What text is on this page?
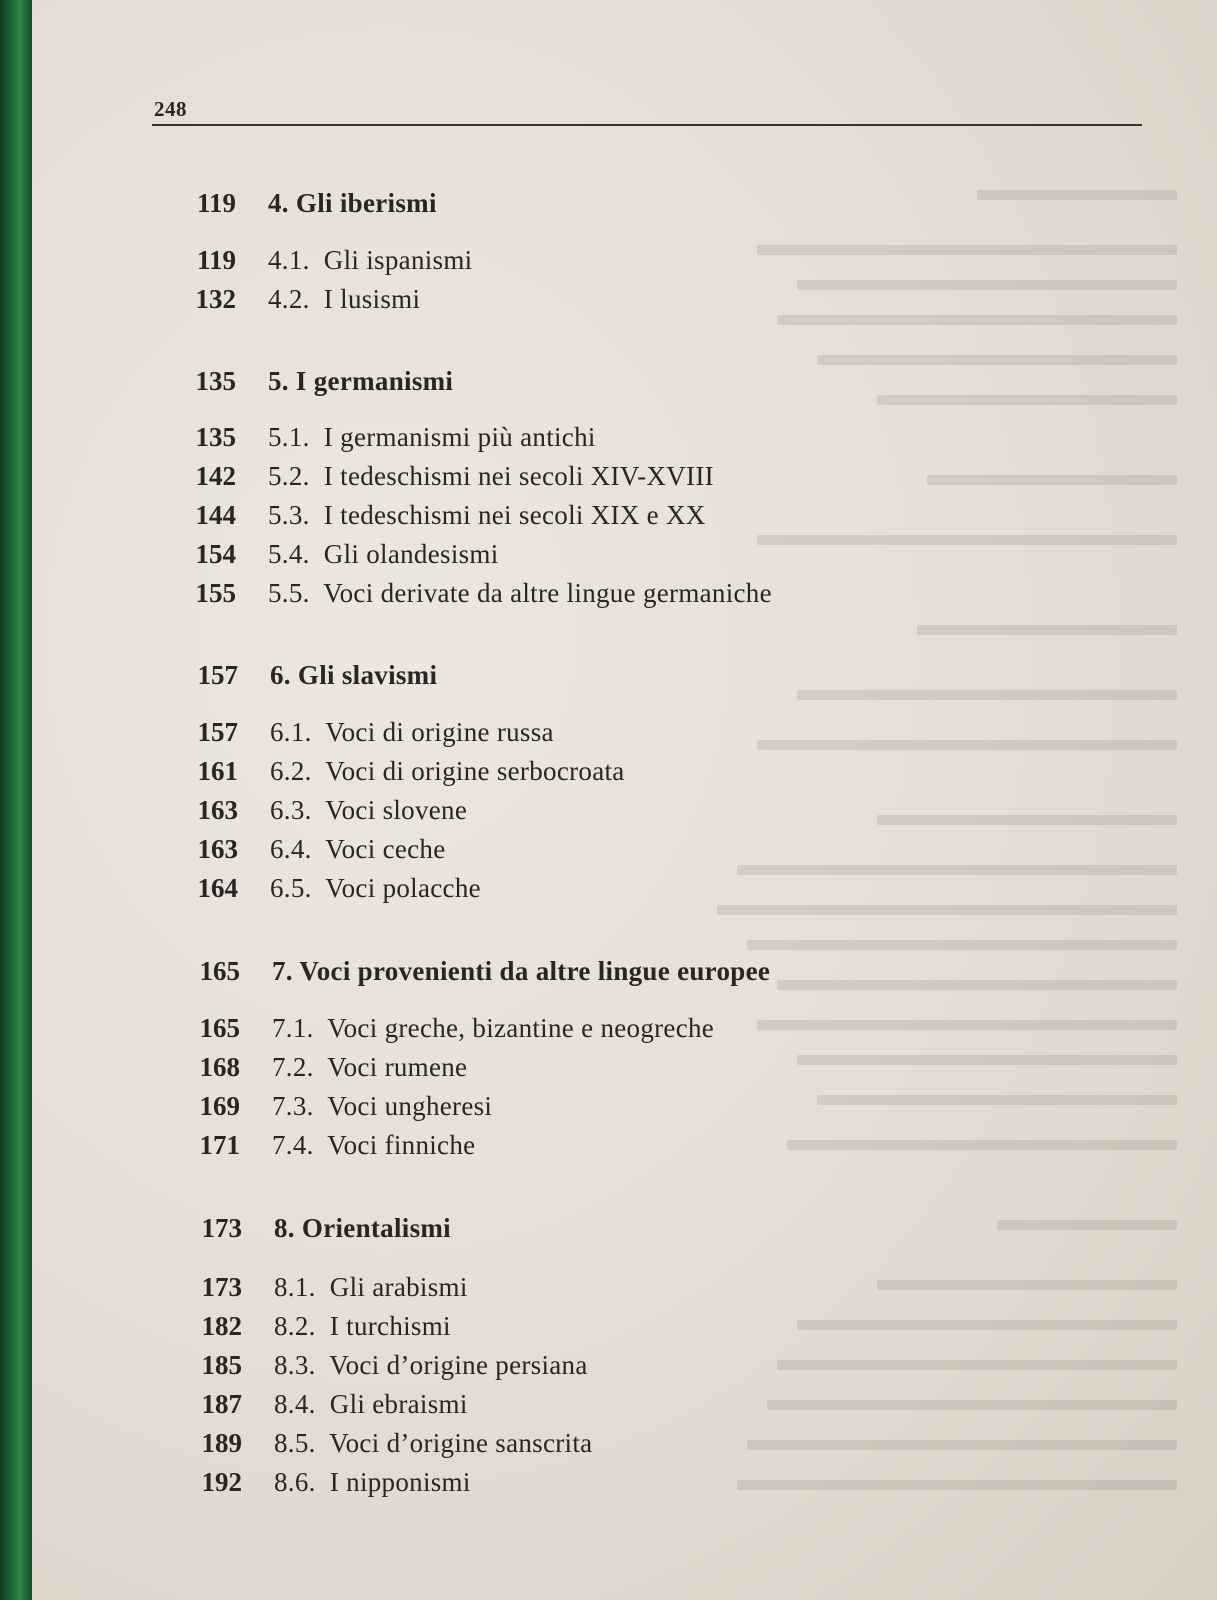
248
119 4. Gli iberismi
119 4.1.  Gli ispanismi
132 4.2.  I lusismi
135 5. I germanismi
135 5.1.  I germanismi più antichi
142 5.2.  I tedeschismi nei secoli XIV-XVIII
144 5.3.  I tedeschismi nei secoli XIX e XX
154 5.4.  Gli olandesismi
155 5.5.  Voci derivate da altre lingue germaniche
157 6. Gli slavismi
157 6.1.  Voci di origine russa
161 6.2.  Voci di origine serbocroata
163 6.3.  Voci slovene
163 6.4.  Voci ceche
164 6.5.  Voci polacche
165 7. Voci provenienti da altre lingue europee
165 7.1.  Voci greche, bizantine e neogreche
168 7.2.  Voci rumene
169 7.3.  Voci ungheresi
171 7.4.  Voci finniche
173 8. Orientalismi
173 8.1.  Gli arabismi
182 8.2.  I turchismi
185 8.3.  Voci d’origine persiana
187 8.4.  Gli ebraismi
189 8.5.  Voci d’origine sanscrita
192 8.6.  I nipponismi
